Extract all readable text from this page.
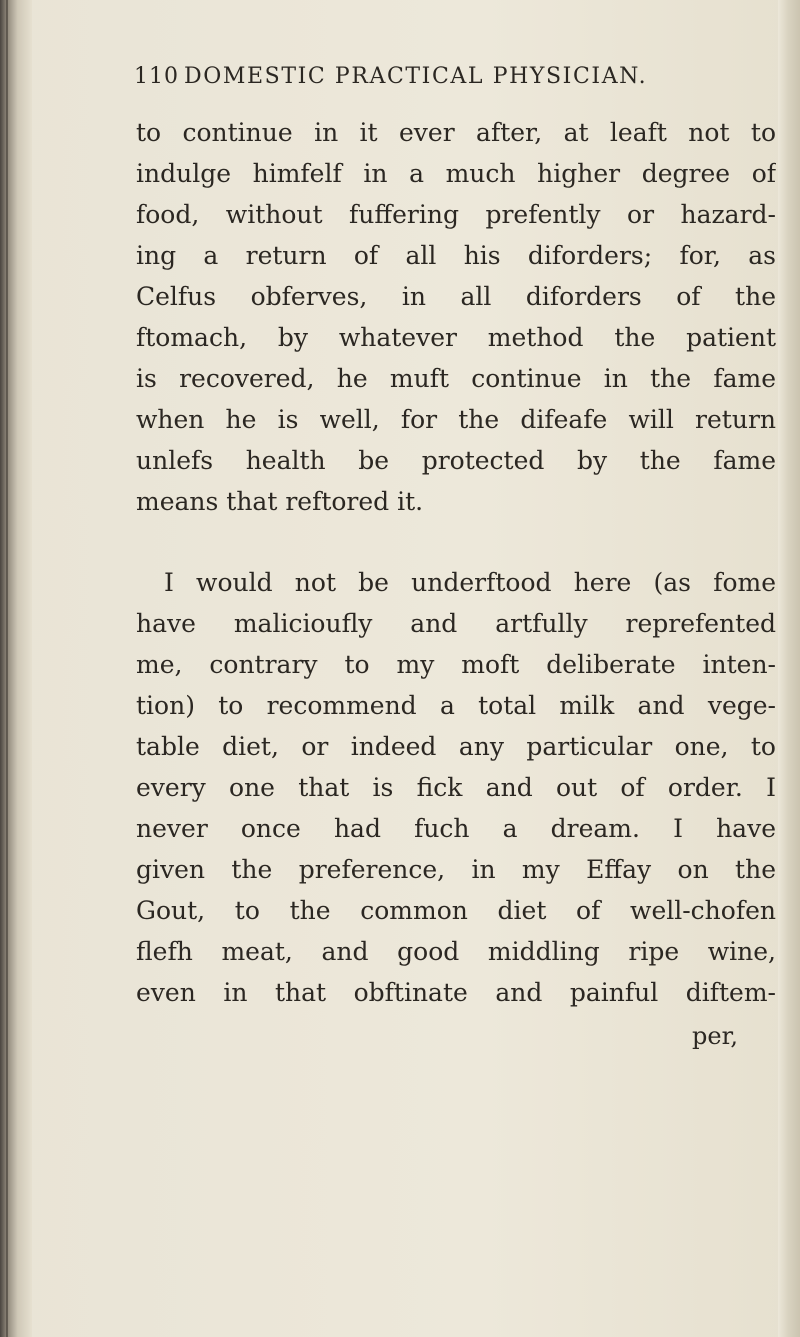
110 DOMESTIC PRACTICAL PHYSICIAN.
to continue in it ever after, at leaft not to
indulge himfelf in a much higher degree of
food, without fuffering prefently or hazard-
ing a return of all his diforders; for, as
Celfus obferves, in all diforders of the
ftomach, by whatever method the patient
is recovered, he muft continue in the fame
when he is well, for the difeafe will return
unlefs health be protected by the fame
means that reftored it.
I would not be underftood here (as fome
have malicioufly and artfully reprefented
me, contrary to my moft deliberate inten-
tion) to recommend a total milk and vege-
table diet, or indeed any particular one, to
every one that is fick and out of order. I
never once had fuch a dream. I have
given the preference, in my Effay on the
Gout, to the common diet of well-chofen
flefh meat, and good middling ripe wine,
even in that obftinate and painful diftem-
per,
